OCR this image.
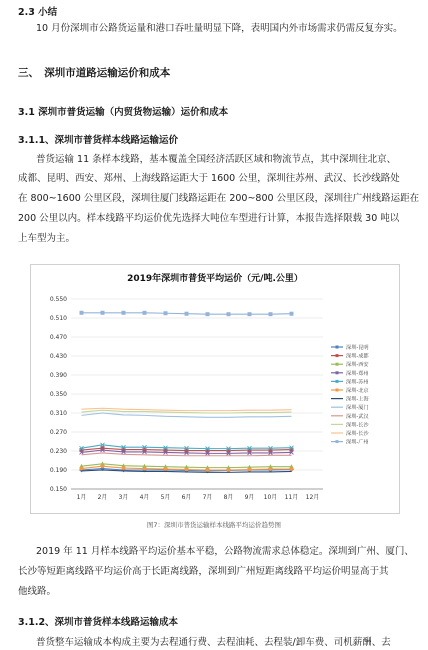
2.3 小结
10 月份深圳市公路货运量和港口吞吐量明显下降，表明国内外市场需求仍需反复夯实。
三、　深圳市道路运输运价和成本
3.1 深圳市普货运输（内贸货物运输）运价和成本
3.1.1、深圳市普货样本线路运输运价
普货运输 11 条样本线路，基本覆盖全国经济活跃区域和物流节点，其中深圳往北京、
成都、昆明、西安、郑州、上海线路运距大于 1600 公里，深圳往苏州、武汉、长沙线路处
在 800~1600 公里区段，深圳往厦门线路运距在 200~800 公里区段，深圳往广州线路运距在
200 公里以内。样本线路平均运价优先选择大吨位车型进行计算，本报告选择限载 30 吨以
上车型为主。
2019年深圳市普货平均运价（元/吨.公里）
0.550
0.510
0.470
0.430
0.390
0.350
0.310
0.270
0.230
0.190
0.150
1月 2月 3月 4月 5月 6月 7月 8月 9月 10月 11月 12月
深圳-昆明
深圳-成都
深圳-西安
深圳-郑州
深圳-苏州
深圳-北京
深圳-上海
深圳-厦门
深圳-武汉
深圳-长沙
深圳-长沙
深圳-广州
图7：深圳市普货运输样本线路平均运价趋势图
2019 年 11 月样本线路平均运价基本平稳，公路物流需求总体稳定。深圳到广州、厦门、
长沙等短距离线路平均运价高于长距离线路，深圳到广州短距离线路平均运价明显高于其
他线路。
3.1.2、深圳市普货样本线路运输成本
普货整车运输成本构成主要为去程通行费、去程油耗、去程装/卸车费、司机薪酬、去
